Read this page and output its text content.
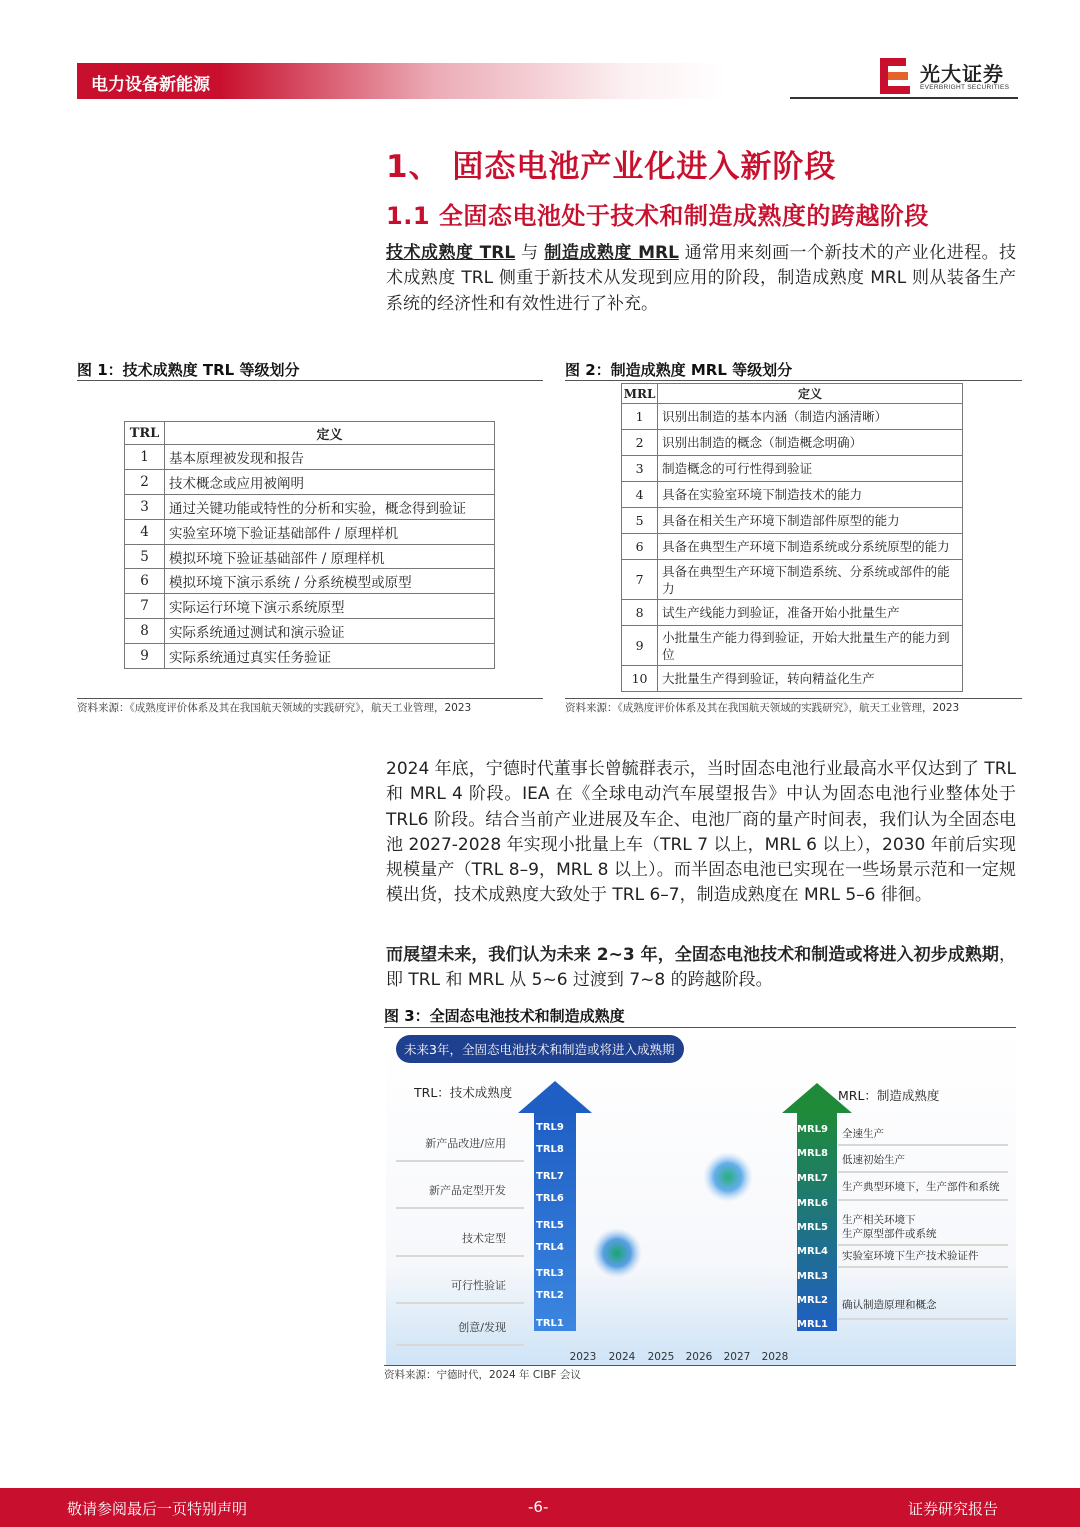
电力设备新能源	光大证券
EVERBRIGHT SECURITIES
1、 固态电池产业化进入新阶段
1.1 全固态电池处于技术和制造成熟度的跨越阶段
技术成熟度 TRL 与 制造成熟度 MRL 通常用来刻画一个新技术的产业化进程。技术成熟度 TRL 侧重于新技术从发现到应用的阶段，制造成熟度 MRL 则从装备生产系统的经济性和有效性进行了补充。
图 1：技术成熟度 TRL 等级划分
TRL	定义
1	基本原理被发现和报告
2	技术概念或应用被阐明
3	通过关键功能或特性的分析和实验，概念得到验证
4	实验室环境下验证基础部件 / 原理样机
5	模拟环境下验证基础部件 / 原理样机
6	模拟环境下演示系统 / 分系统模型或原型
7	实际运行环境下演示系统原型
8	实际系统通过测试和演示验证
9	实际系统通过真实任务验证
资料来源：《成熟度评价体系及其在我国航天领域的实践研究》，航天工业管理，2023
图 2：制造成熟度 MRL 等级划分
MRL	定义
1	识别出制造的基本内涵（制造内涵清晰）
2	识别出制造的概念（制造概念明确）
3	制造概念的可行性得到验证
4	具备在实验室环境下制造技术的能力
5	具备在相关生产环境下制造部件原型的能力
6	具备在典型生产环境下制造系统或分系统原型的能力
7	具备在典型生产环境下制造系统、分系统或部件的能力
8	试生产线能力到验证，准备开始小批量生产
9	小批量生产能力得到验证，开始大批量生产的能力到位
10	大批量生产得到验证，转向精益化生产
资料来源：《成熟度评价体系及其在我国航天领域的实践研究》，航天工业管理，2023
2024 年底，宁德时代董事长曾毓群表示，当时固态电池行业最高水平仅达到了 TRL 和 MRL 4 阶段。IEA 在《全球电动汽车展望报告》中认为固态电池行业整体处于 TRL6 阶段。结合当前产业进展及车企、电池厂商的量产时间表，我们认为全固态电池 2027-2028 年实现小批量上车（TRL 7 以上，MRL 6 以上），2030 年前后实现规模量产（TRL 8–9，MRL 8 以上）。而半固态电池已实现在一些场景示范和一定规模出货，技术成熟度大致处于 TRL 6–7，制造成熟度在 MRL 5–6 徘徊。
而展望未来，我们认为未来 2~3 年，全固态电池技术和制造或将进入初步成熟期，即 TRL 和 MRL 从 5~6 过渡到 7~8 的跨越阶段。
图 3：全固态电池技术和制造成熟度
TRL：技术成熟度	MRL：制造成熟度
TRL9
TRL8
TRL7
TRL6
TRL5
TRL4
TRL3
TRL2
TRL1
MRL9
MRL8
MRL7
MRL6
MRL5
MRL4
MRL3
MRL2
MRL1
新产品改进/应用
新产品定型开发
技术定型
可行性验证
创意/发现
全速生产
低速初始生产
生产典型环境下，生产部件和系统
生产相关环境下
生产原型部件或系统
实验室环境下生产技术验证件
确认制造原理和概念
2023 2024 2025 2026 2027 2028
未来3年，全固态电池技术和制造或将进入成熟期
资料来源：宁德时代，2024 年 CIBF 会议
敬请参阅最后一页特别声明	-6-	证券研究报告
